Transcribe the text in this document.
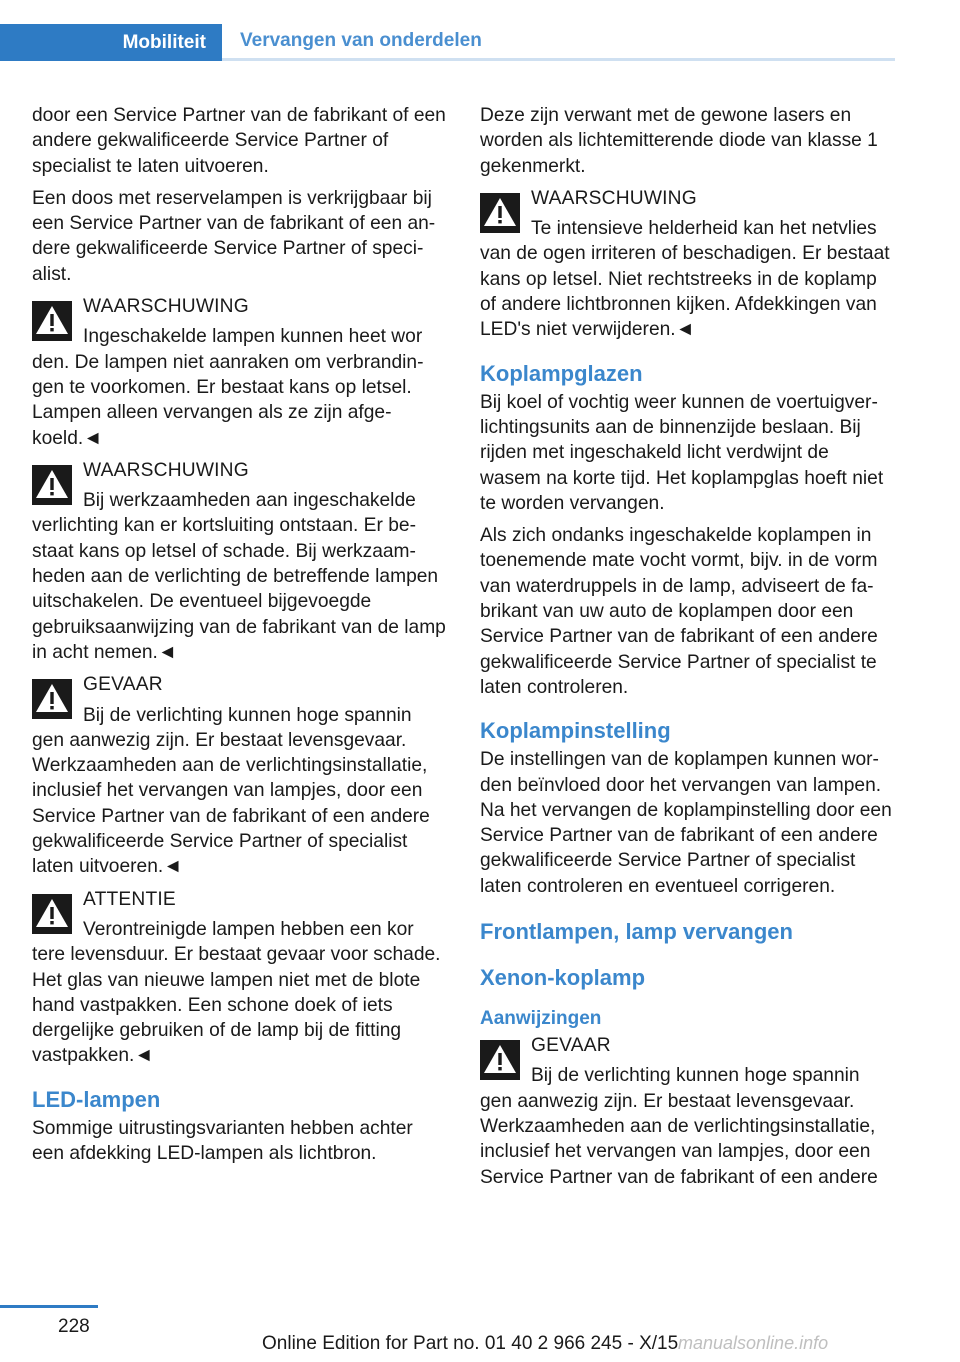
Mobiliteit	Vervangen van onderdelen

door een Service Partner van de fabrikant of een andere gekwalificeerde Service Partner of specialist te laten uitvoeren.

Een doos met reservelampen is verkrijgbaar bij een Service Partner van de fabrikant of een andere gekwalificeerde Service Partner of specialist.

WAARSCHUWING
Ingeschakelde lampen kunnen heet wor
den. De lampen niet aanraken om verbrandingen te voorkomen. Er bestaat kans op letsel. Lampen alleen vervangen als ze zijn afgekoeld.◄
WAARSCHUWING
Bij werkzaamheden aan ingeschakelde
verlichting kan er kortsluiting ontstaan. Er bestaat kans op letsel of schade. Bij werkzaamheden aan de verlichting de betreffende lampen uitschakelen. De eventueel bijgevoegde gebruiksaanwijzing van de fabrikant van de lamp in acht nemen.◄
GEVAAR
Bij de verlichting kunnen hoge spannin
gen aanwezig zijn. Er bestaat levensgevaar. Werkzaamheden aan de verlichtingsinstallatie, inclusief het vervangen van lampjes, door een Service Partner van de fabrikant of een andere gekwalificeerde Service Partner of specialist laten uitvoeren.◄
ATTENTIE
Verontreinigde lampen hebben een kor
tere levensduur. Er bestaat gevaar voor schade. Het glas van nieuwe lampen niet met de blote hand vastpakken. Een schone doek of iets dergelijke gebruiken of de lamp bij de fitting vastpakken.◄
LED-lampen

Sommige uitrustingsvarianten hebben achter een afdekking LED-lampen als lichtbron.

Deze zijn verwant met de gewone lasers en worden als lichtemitterende diode van klasse 1 gekenmerkt.

WAARSCHUWING
Te intensieve helderheid kan het netvlies
van de ogen irriteren of beschadigen. Er bestaat kans op letsel. Niet rechtstreeks in de koplamp of andere lichtbronnen kijken. Afdekkingen van LED's niet verwijderen.◄
Koplampglazen

Bij koel of vochtig weer kunnen de voertuigverlichtingsunits aan de binnenzijde beslaan. Bij rijden met ingeschakeld licht verdwijnt de wasem na korte tijd. Het koplampglas hoeft niet te worden vervangen.

Als zich ondanks ingeschakelde koplampen in toenemende mate vocht vormt, bijv. in de vorm van waterdruppels in de lamp, adviseert de fabrikant van uw auto de koplampen door een Service Partner van de fabrikant of een andere gekwalificeerde Service Partner of specialist te laten controleren.

Koplampinstelling

De instellingen van de koplampen kunnen worden beïnvloed door het vervangen van lampen. Na het vervangen de koplampinstelling door een Service Partner van de fabrikant of een andere gekwalificeerde Service Partner of specialist laten controleren en eventueel corrigeren.

Frontlampen, lamp vervangen
Xenon-koplamp
Aanwijzingen
GEVAAR
Bij de verlichting kunnen hoge spannin
gen aanwezig zijn. Er bestaat levensgevaar. Werkzaamheden aan de verlichtingsinstallatie, inclusief het vervangen van lampjes, door een Service Partner van de fabrikant of een andere
228
Online Edition for Part no. 01 40 2 966 245 - X/15 manualsonline.info
